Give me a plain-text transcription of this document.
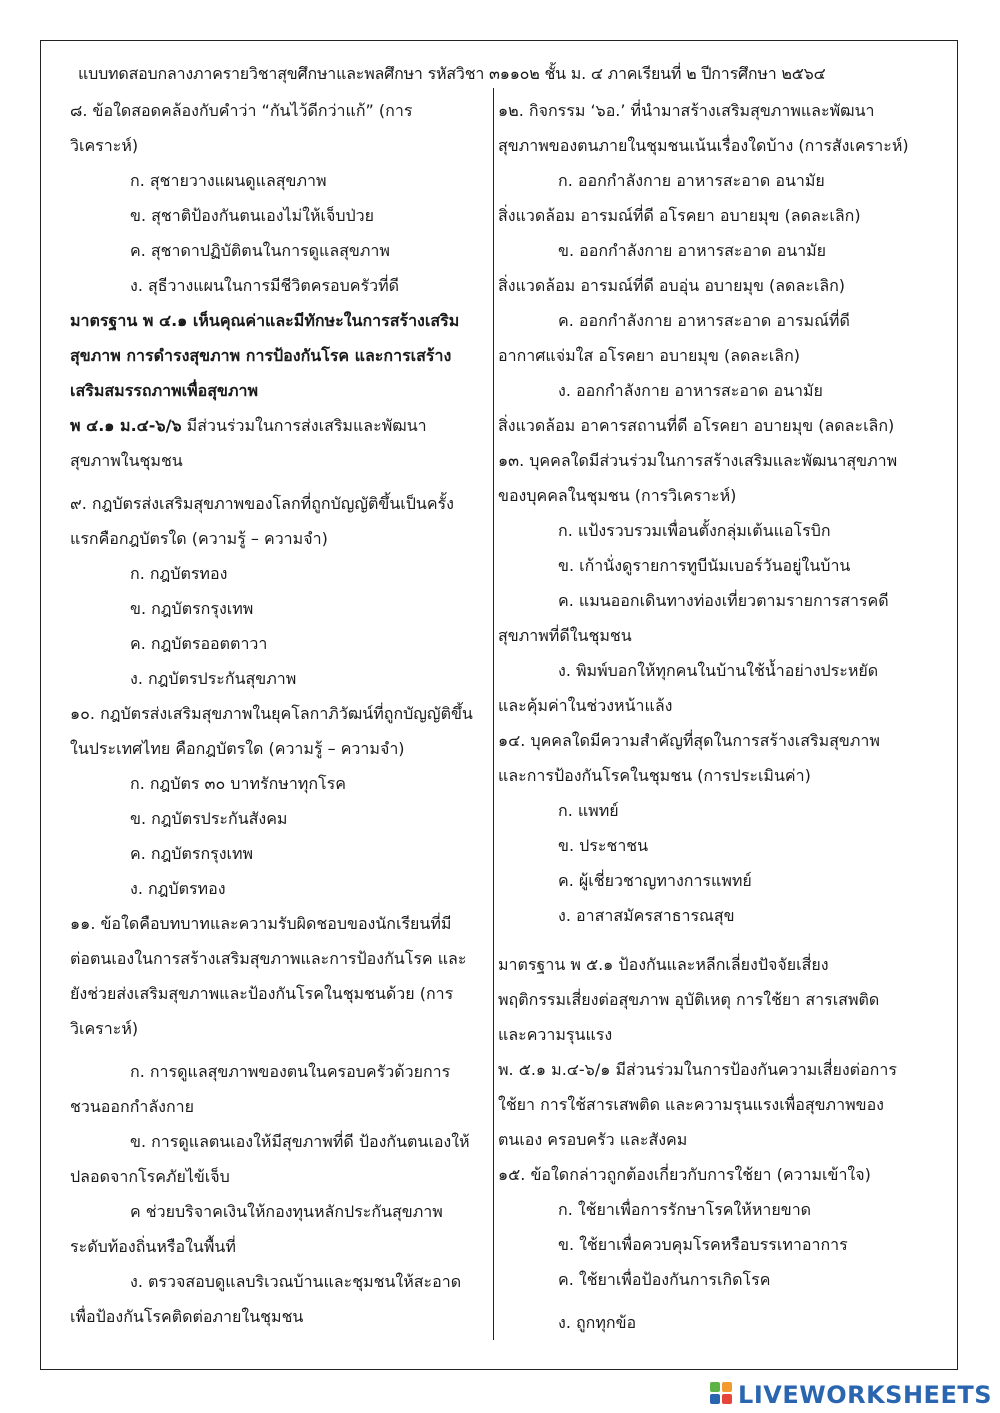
แบบทดสอบกลางภาครายวิชาสุขศึกษาและพลศึกษา รหัสวิชา ๓๑๑๐๒ ชั้น ม. ๔ ภาคเรียนที่ ๒ ปีการศึกษา ๒๕๖๔
๘. ข้อใดสอดคล้องกับคำว่า “กันไว้ดีกว่าแก้” (การ
วิเคราะห์)
ก. สุชายวางแผนดูแลสุขภาพ
ข. สุชาติป้องกันตนเองไม่ให้เจ็บป่วย
ค. สุชาดาปฏิบัติตนในการดูแลสุขภาพ
ง. สุธีวางแผนในการมีชีวิตครอบครัวที่ดี
มาตรฐาน พ ๔.๑ เห็นคุณค่าและมีทักษะในการสร้างเสริม
สุขภาพ การดำรงสุขภาพ การป้องกันโรค และการเสร้าง
เสริมสมรรถภาพเพื่อสุขภาพ
พ ๔.๑ ม.๔-๖/๖ มีส่วนร่วมในการส่งเสริมและพัฒนา
สุขภาพในชุมชน
๙. กฎบัตรส่งเสริมสุขภาพของโลกที่ถูกบัญญัติขึ้นเป็นครั้ง
แรกคือกฎบัตรใด (ความรู้ – ความจำ)
ก. กฎบัตรทอง
ข. กฎบัตรกรุงเทพ
ค. กฎบัตรออตตาวา
ง. กฎบัตรประกันสุขภาพ
๑๐. กฎบัตรส่งเสริมสุขภาพในยุคโลกาภิวัฒน์ที่ถูกบัญญัติขึ้น
ในประเทศไทย คือกฎบัตรใด (ความรู้ – ความจำ)
ก. กฎบัตร ๓๐ บาทรักษาทุกโรค
ข. กฎบัตรประกันสังคม
ค. กฎบัตรกรุงเทพ
ง. กฎบัตรทอง
๑๑. ข้อใดคือบทบาทและความรับผิดชอบของนักเรียนที่มี
ต่อตนเองในการสร้างเสริมสุขภาพและการป้องกันโรค และ
ยังช่วยส่งเสริมสุขภาพและป้องกันโรคในชุมชนด้วย (การ
วิเคราะห์)
ก. การดูแลสุขภาพของตนในครอบครัวด้วยการ
ชวนออกกำลังกาย
ข. การดูแลตนเองให้มีสุขภาพที่ดี ป้องกันตนเองให้
ปลอดจากโรคภัยไข้เจ็บ
ค ช่วยบริจาคเงินให้กองทุนหลักประกันสุขภาพ
ระดับท้องถิ่นหรือในพื้นที่
ง. ตรวจสอบดูแลบริเวณบ้านและชุมชนให้สะอาด
เพื่อป้องกันโรคติดต่อภายในชุมชน
๑๒. กิจกรรม ‘๖อ.’ ที่นำมาสร้างเสริมสุขภาพและพัฒนา
สุขภาพของตนภายในชุมชนเน้นเรื่องใดบ้าง (การสังเคราะห์)
ก. ออกกำลังกาย อาหารสะอาด อนามัย
สิ่งแวดล้อม อารมณ์ที่ดี อโรคยา อบายมุข (ลดละเลิก)
ข. ออกกำลังกาย อาหารสะอาด อนามัย
สิ่งแวดล้อม อารมณ์ที่ดี อบอุ่น อบายมุข (ลดละเลิก)
ค. ออกกำลังกาย อาหารสะอาด อารมณ์ที่ดี
อากาศแจ่มใส อโรคยา อบายมุข (ลดละเลิก)
ง. ออกกำลังกาย อาหารสะอาด อนามัย
สิ่งแวดล้อม อาคารสถานที่ดี อโรคยา อบายมุข (ลดละเลิก)
๑๓. บุคคลใดมีส่วนร่วมในการสร้างเสริมและพัฒนาสุขภาพ
ของบุคคลในชุมชน (การวิเคราะห์)
ก. แป้งรวบรวมเพื่อนตั้งกลุ่มเต้นแอโรบิก
ข. เก้านั่งดูรายการทูบีนัมเบอร์วันอยู่ในบ้าน
ค. แมนออกเดินทางท่องเที่ยวตามรายการสารคดี
สุขภาพที่ดีในชุมชน
ง. พิมพ์บอกให้ทุกคนในบ้านใช้น้ำอย่างประหยัด
และคุ้มค่าในช่วงหน้าแล้ง
๑๔. บุคคลใดมีความสำคัญที่สุดในการสร้างเสริมสุขภาพ
และการป้องกันโรคในชุมชน (การประเมินค่า)
ก. แพทย์
ข. ประชาชน
ค. ผู้เชี่ยวชาญทางการแพทย์
ง. อาสาสมัครสาธารณสุข
มาตรฐาน พ ๕.๑ ป้องกันและหลีกเลี่ยงปัจจัยเสี่ยง
พฤติกรรมเสี่ยงต่อสุขภาพ อุบัติเหตุ การใช้ยา สารเสพติด
และความรุนแรง
พ. ๕.๑ ม.๔-๖/๑ มีส่วนร่วมในการป้องกันความเสี่ยงต่อการ
ใช้ยา การใช้สารเสพติด และความรุนแรงเพื่อสุขภาพของ
ตนเอง ครอบครัว และสังคม
๑๕. ข้อใดกล่าวถูกต้องเกี่ยวกับการใช้ยา (ความเข้าใจ)
ก. ใช้ยาเพื่อการรักษาโรคให้หายขาด
ข. ใช้ยาเพื่อควบคุมโรคหรือบรรเทาอาการ
ค. ใช้ยาเพื่อป้องกันการเกิดโรค
ง. ถูกทุกข้อ
LIVEWORKSHEETS
